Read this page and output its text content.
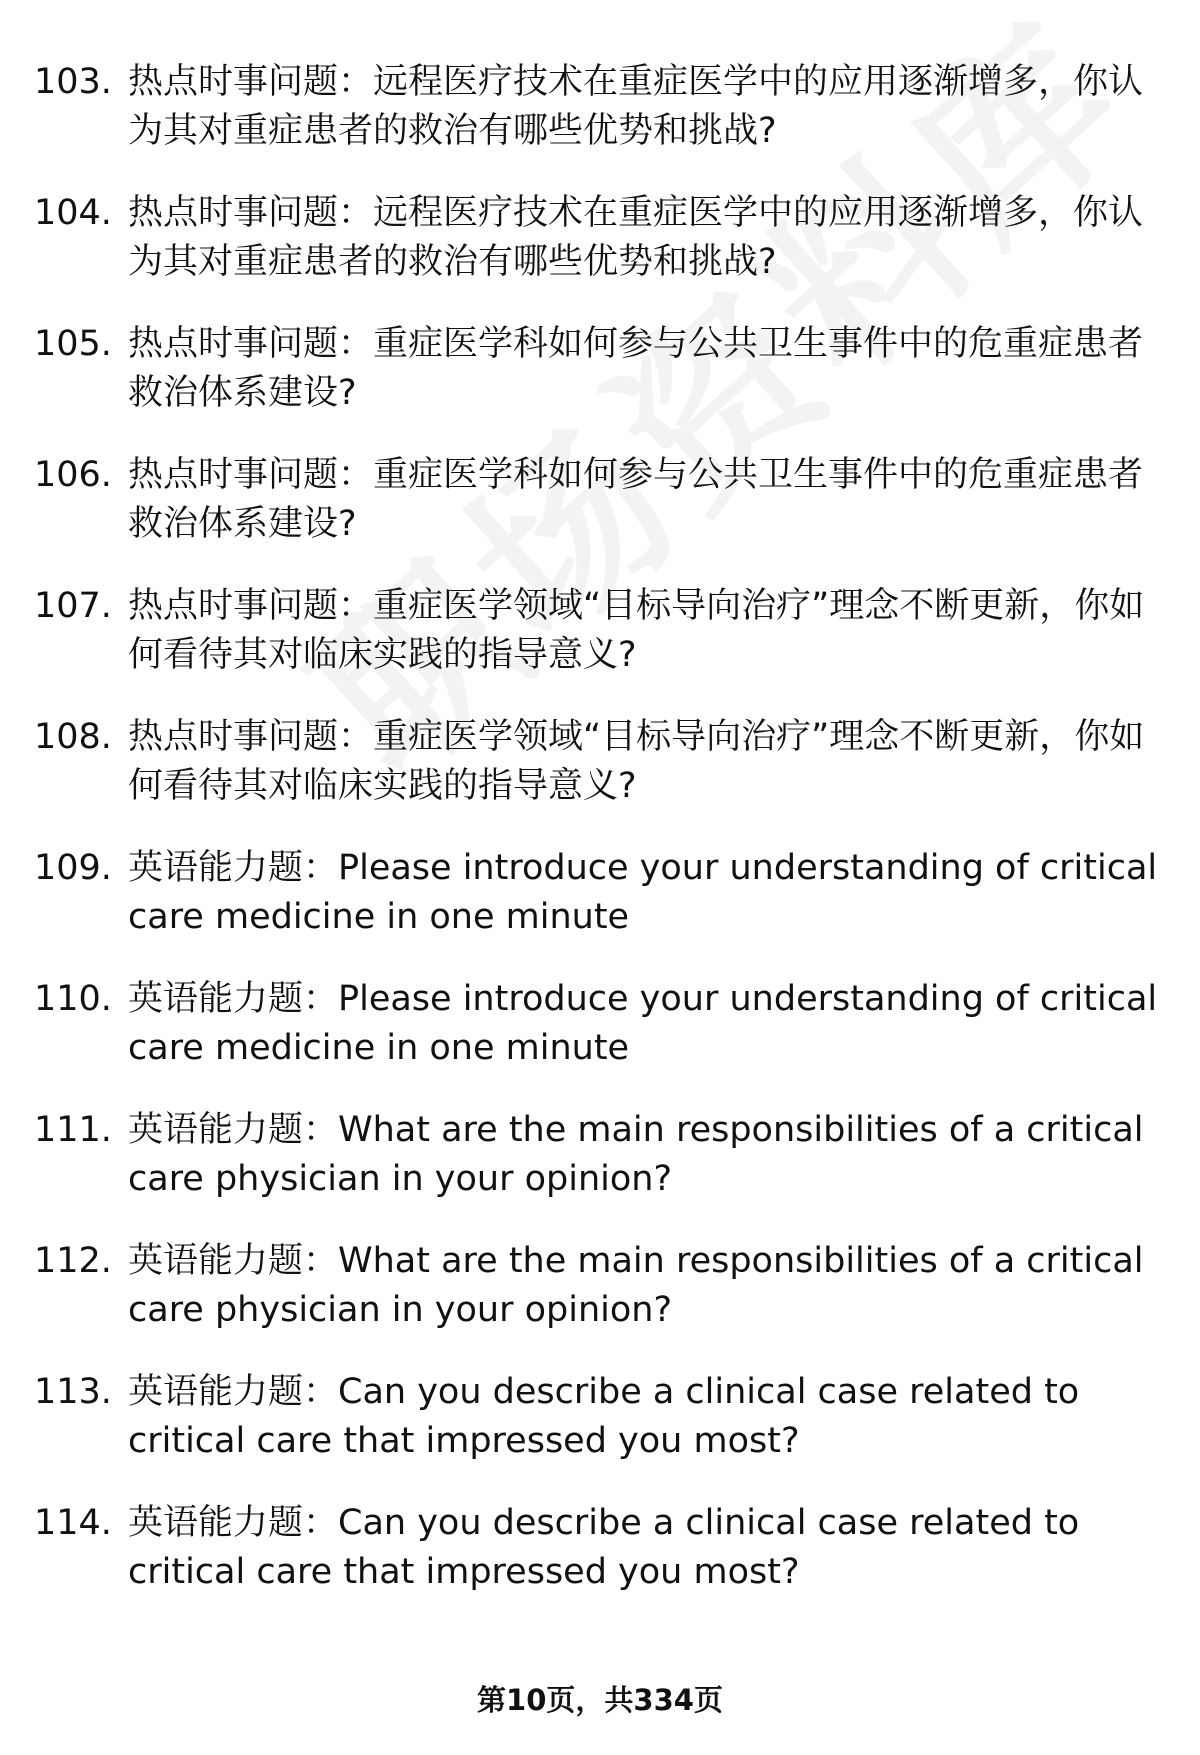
103. 热点时事问题：远程医疗技术在重症医学中的应用逐渐增多，你认为其对重症患者的救治有哪些优势和挑战?
104. 热点时事问题：远程医疗技术在重症医学中的应用逐渐增多，你认为其对重症患者的救治有哪些优势和挑战?
105. 热点时事问题：重症医学科如何参与公共卫生事件中的危重症患者救治体系建设?
106. 热点时事问题：重症医学科如何参与公共卫生事件中的危重症患者救治体系建设?
107. 热点时事问题：重症医学领域“目标导向治疗”理念不断更新，你如何看待其对临床实践的指导意义?
108. 热点时事问题：重症医学领域“目标导向治疗”理念不断更新，你如何看待其对临床实践的指导意义?
109. 英语能力题：Please introduce your understanding of critical care medicine in one minute
110. 英语能力题：Please introduce your understanding of critical care medicine in one minute
111. 英语能力题：What are the main responsibilities of a critical care physician in your opinion?
112. 英语能力题：What are the main responsibilities of a critical care physician in your opinion?
113. 英语能力题：Can you describe a clinical case related to critical care that impressed you most?
114. 英语能力题：Can you describe a clinical case related to critical care that impressed you most?
第10页，共334页
